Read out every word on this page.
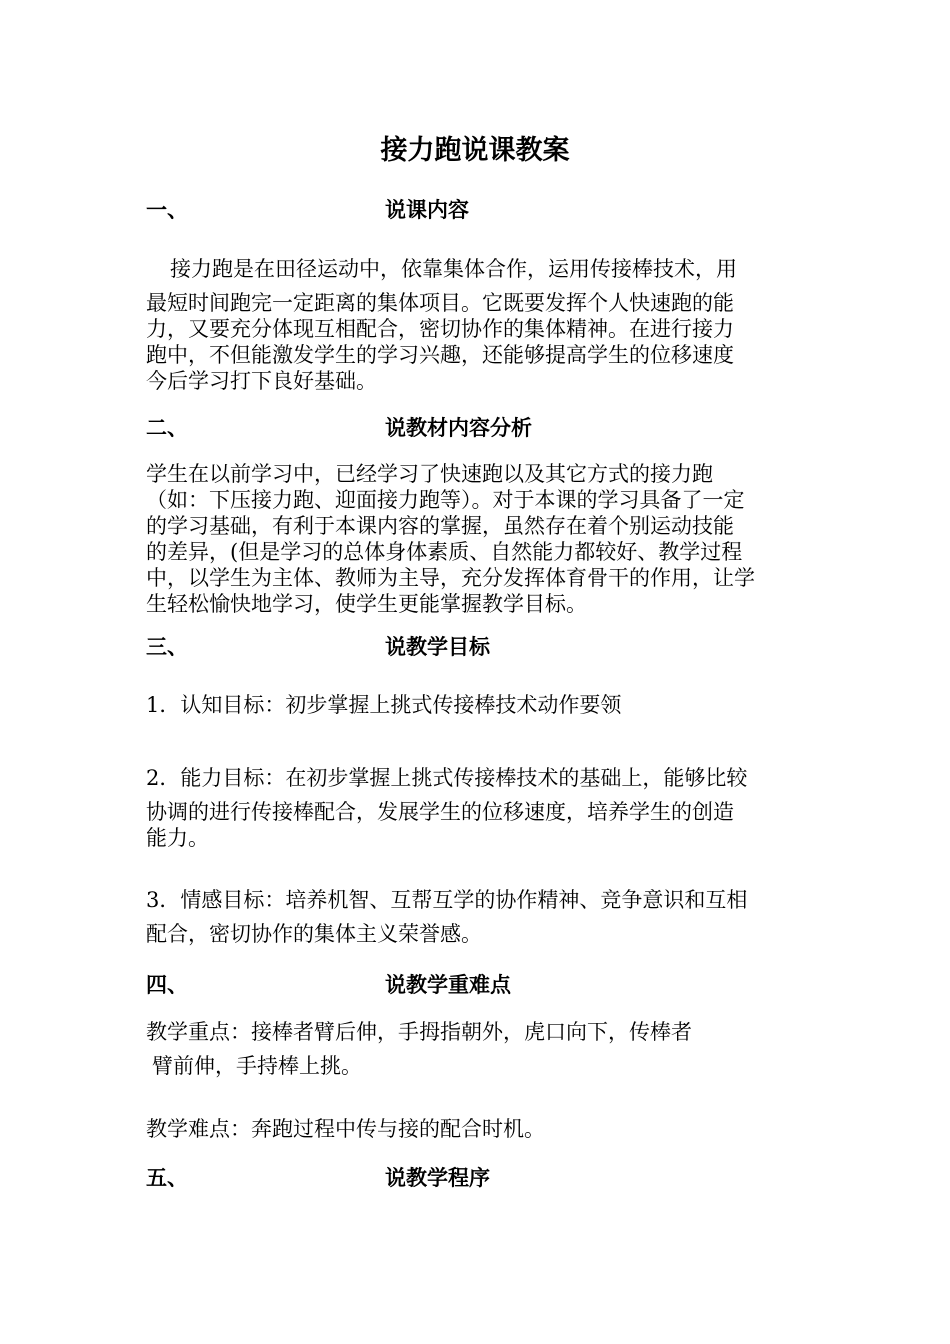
接力跑说课教案
一、	说课内容
接力跑是在田径运动中，依靠集体合作，运用传接棒技术，用
最短时间跑完一定距离的集体项目。它既要发挥个人快速跑的能
力，又要充分体现互相配合，密切协作的集体精神。在进行接力
跑中，不但能激发学生的学习兴趣，还能够提高学生的位移速度
今后学习打下良好基础。
二、	说教材内容分析
学生在以前学习中，已经学习了快速跑以及其它方式的接力跑
（如：下压接力跑、迎面接力跑等）。对于本课的学习具备了一定
的学习基础，有利于本课内容的掌握，虽然存在着个别运动技能
的差异，(但是学习的总体身体素质、自然能力都较好、教学过程
中，以学生为主体、教师为主导，充分发挥体育骨干的作用，让学
生轻松愉快地学习，使学生更能掌握教学目标。
三、	说教学目标
1．认知目标：初步掌握上挑式传接棒技术动作要领
2．能力目标：在初步掌握上挑式传接棒技术的基础上，能够比较
协调的进行传接棒配合，发展学生的位移速度，培养学生的创造
能力。
3．情感目标：培养机智、互帮互学的协作精神、竞争意识和互相
配合，密切协作的集体主义荣誉感。
四、	说教学重难点
教学重点：接棒者臂后伸，手拇指朝外，虎口向下，传棒者
臂前伸，手持棒上挑。
教学难点：奔跑过程中传与接的配合时机。
五、	说教学程序
